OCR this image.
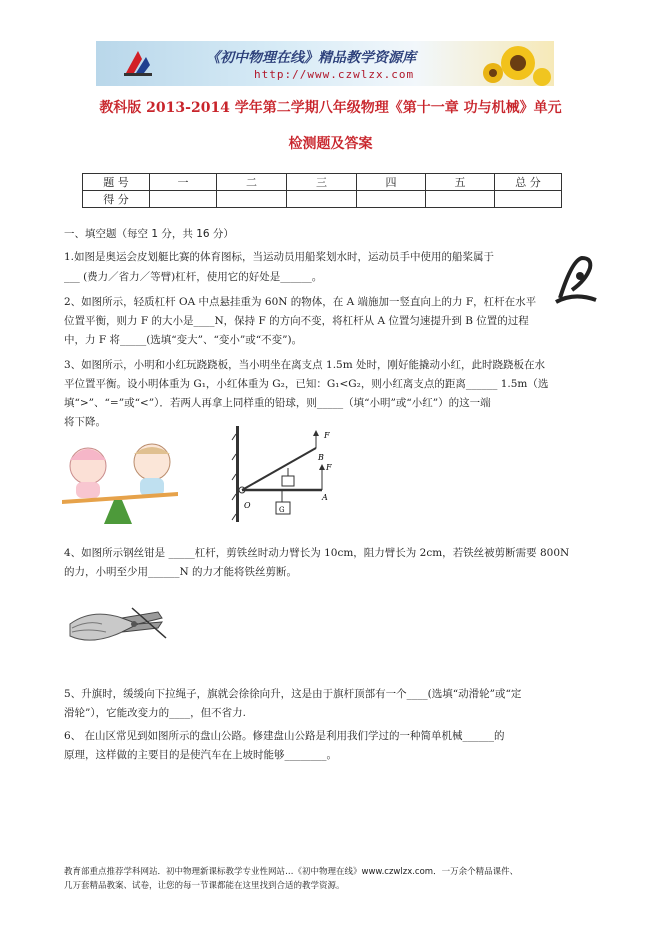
《初中物理在线》精品教学资源库
http://www.czwlzx.com
教科版 2013-2014 学年第二学期八年级物理《第十一章 功与机械》单元
检测题及答案
题 号	一	二	三	四	五	总 分
得 分						
一、填空题（每空 1 分，共 16 分）
1.如图是奥运会皮划艇比赛的体育图标，当运动员用船桨划水时，运动员手中使用的船桨属于
___ (费力／省力／等臂)杠杆，使用它的好处是______。
2、如图所示，轻质杠杆 OA 中点悬挂重为 60N 的物体，在 A 端施加一竖直向上的力 F，杠杆在水平
位置平衡，则力 F 的大小是____N，保持 F 的方向不变，将杠杆从 A 位置匀速提升到 B 位置的过程
中，力 F 将_____(选填“变大”、“变小”或“不变”)。
3、如图所示，小明和小红玩跷跷板，当小明坐在离支点 1.5m 处时，刚好能撬动小红，此时跷跷板在水
平位置平衡。设小明体重为 G₁，小红体重为 G₂，已知：G₁<G₂，则小红离支点的距离______ 1.5m（选
填“>”、“=”或“<”）．若两人再拿上同样重的铅球，则_____（填“小明”或“小红”）的这一端
将下降。
F
B
F
A
O	G
4、如图所示钢丝钳是 _____杠杆，剪铁丝时动力臂长为 10cm，阻力臂长为 2cm，若铁丝被剪断需要 800N
的力，小明至少用______N 的力才能将铁丝剪断。
5、升旗时，缓缓向下拉绳子，旗就会徐徐向升，这是由于旗杆顶部有一个____(选填“动滑轮”或“定
滑轮”），它能改变力的____，但不省力.
6、 在山区常见到如图所示的盘山公路。修建盘山公路是利用我们学过的一种简单机械______的
原理，这样做的主要目的是使汽车在上坡时能够________。
教育部重点推荐学科网站．初中物理新课标教学专业性网站…《初中物理在线》www.czwlzx.com．一万余个精品课件、
几万套精品教案、试卷，让您的每一节课都能在这里找到合适的教学资源。
